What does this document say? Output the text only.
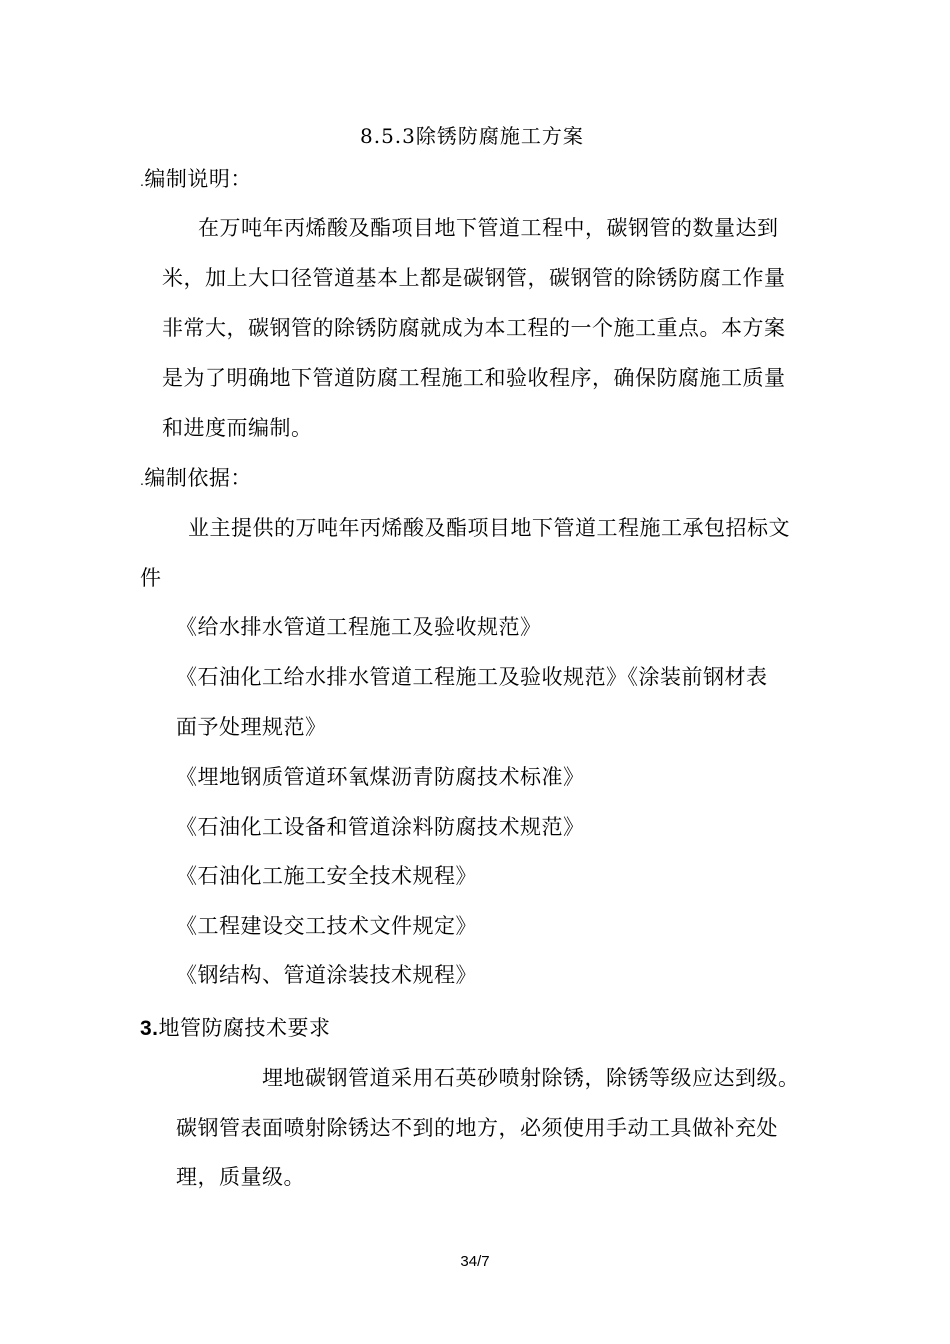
8.5.3除锈防腐施工方案
.编制说明：
在万吨年丙烯酸及酯项目地下管道工程中，碳钢管的数量达到
米，加上大口径管道基本上都是碳钢管，碳钢管的除锈防腐工作量
非常大，碳钢管的除锈防腐就成为本工程的一个施工重点。本方案
是为了明确地下管道防腐工程施工和验收程序，确保防腐施工质量
和进度而编制。
.编制依据：
业主提供的万吨年丙烯酸及酯项目地下管道工程施工承包招标文
件
《给水排水管道工程施工及验收规范》
《石油化工给水排水管道工程施工及验收规范》《涂装前钢材表
面予处理规范》
《埋地钢质管道环氧煤沥青防腐技术标准》
《石油化工设备和管道涂料防腐技术规范》
《石油化工施工安全技术规程》
《工程建设交工技术文件规定》
《钢结构、管道涂装技术规程》
3.地管防腐技术要求
埋地碳钢管道采用石英砂喷射除锈，除锈等级应达到级。
碳钢管表面喷射除锈达不到的地方，必须使用手动工具做补充处
理，质量级。
34/7
